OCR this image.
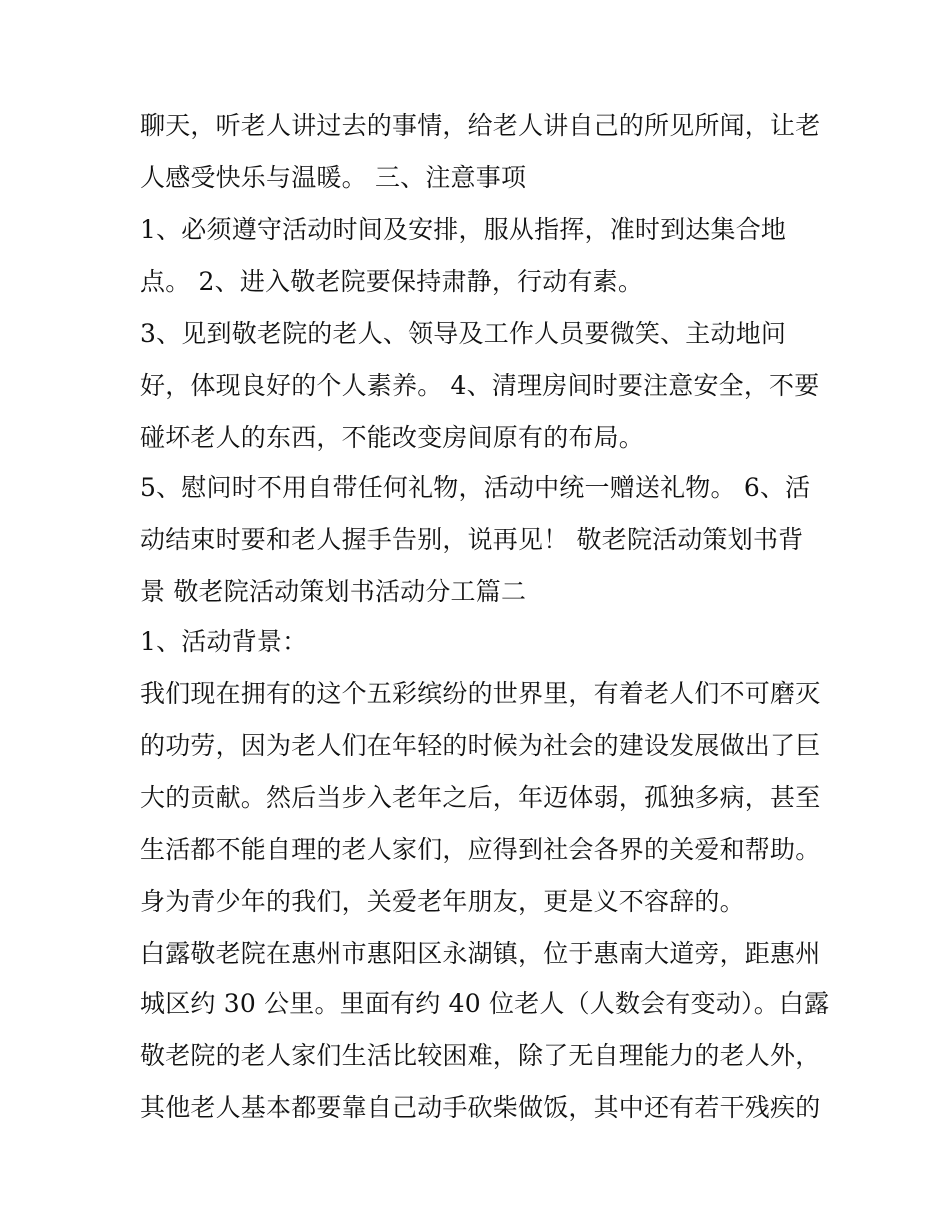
聊天，听老人讲过去的事情，给老人讲自己的所见所闻，让老
人感受快乐与温暖。 三、注意事项
1、必须遵守活动时间及安排，服从指挥，准时到达集合地
点。 2、进入敬老院要保持肃静，行动有素。
3、见到敬老院的老人、领导及工作人员要微笑、主动地问
好，体现良好的个人素养。 4、清理房间时要注意安全，不要
碰坏老人的东西，不能改变房间原有的布局。
5、慰问时不用自带任何礼物，活动中统一赠送礼物。 6、活
动结束时要和老人握手告别，说再见！ 敬老院活动策划书背
景 敬老院活动策划书活动分工篇二
1、活动背景：
我们现在拥有的这个五彩缤纷的世界里，有着老人们不可磨灭
的功劳，因为老人们在年轻的时候为社会的建设发展做出了巨
大的贡献。然后当步入老年之后，年迈体弱，孤独多病，甚至
生活都不能自理的老人家们，应得到社会各界的关爱和帮助。
身为青少年的我们，关爱老年朋友，更是义不容辞的。
白露敬老院在惠州市惠阳区永湖镇，位于惠南大道旁，距惠州
城区约 30 公里。里面有约 40 位老人（人数会有变动）。白露
敬老院的老人家们生活比较困难，除了无自理能力的老人外，
其他老人基本都要靠自己动手砍柴做饭，其中还有若干残疾的
